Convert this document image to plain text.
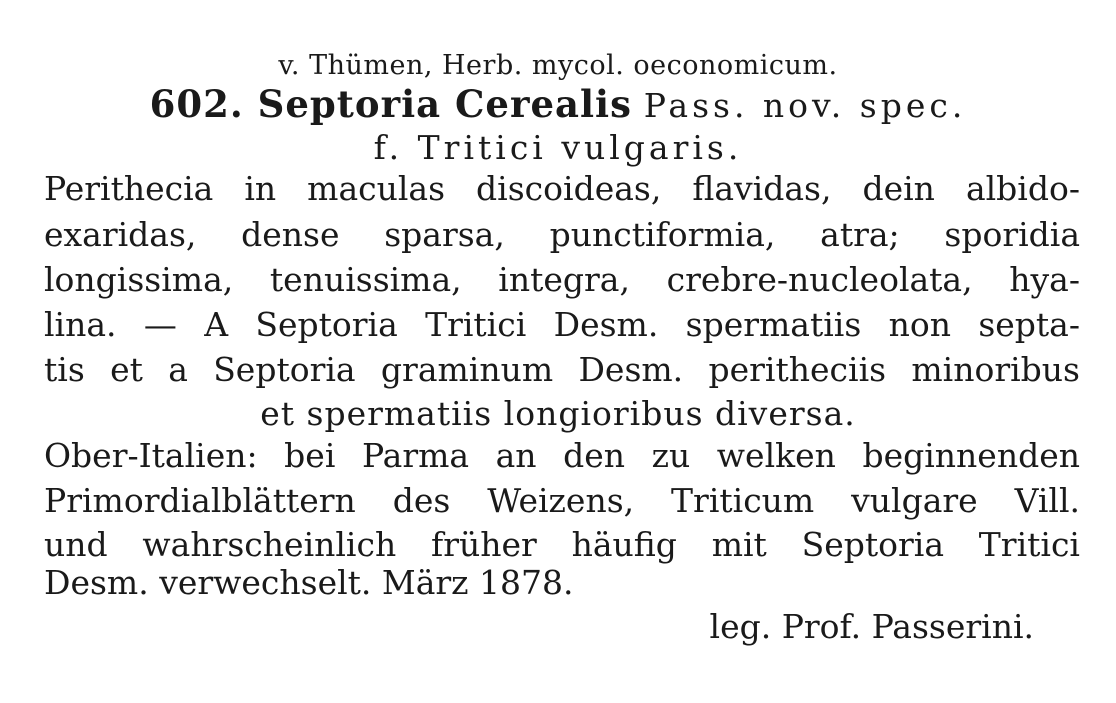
v. Thümen, Herb. mycol. oeconomicum.
602. Septoria Cerealis Pass. nov. spec.
f. Tritici vulgaris.
Perithecia in maculas discoideas, flavidas, dein albido-
exaridas, dense sparsa, punctiformia, atra; sporidia
longissima, tenuissima, integra, crebre-nucleolata, hya-
lina. — A Septoria Tritici Desm. spermatiis non septa-
tis et a Septoria graminum Desm. peritheciis minoribus
et spermatiis longioribus diversa.
Ober-Italien: bei Parma an den zu welken beginnenden
Primordialblättern des Weizens, Triticum vulgare Vill.
und wahrscheinlich früher häufig mit Septoria Tritici
Desm. verwechselt. März 1878.
leg. Prof. Passerini.
